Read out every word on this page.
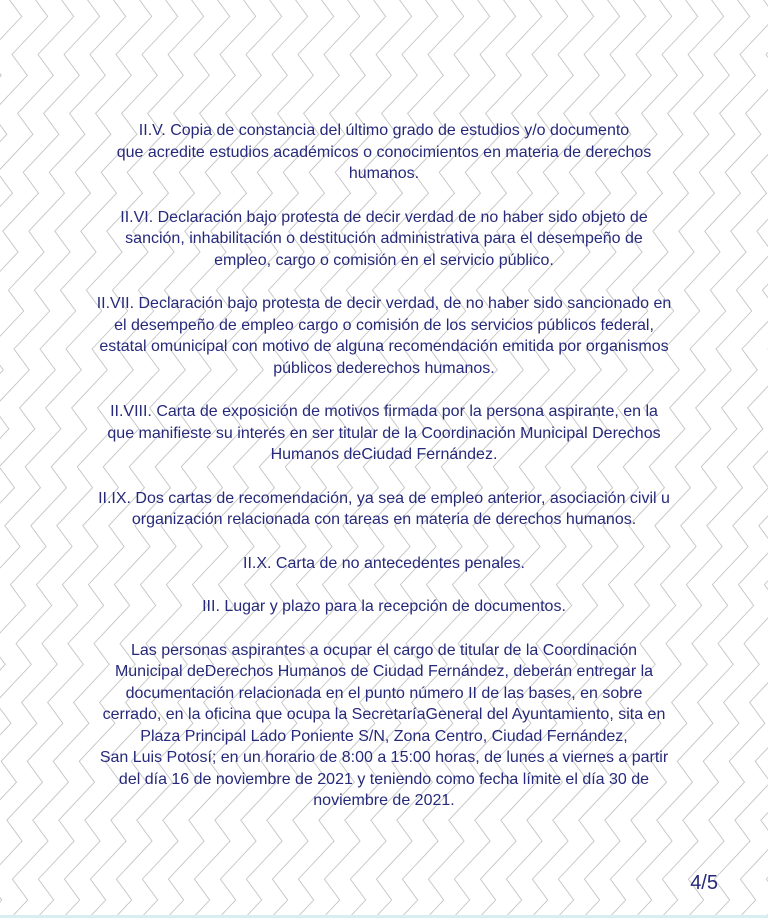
II.V. Copia de constancia del último grado de estudios y/o documento
que acredite estudios académicos o conocimientos en materia de derechos
humanos.

II.VI. Declaración bajo protesta de decir verdad de no haber sido objeto de
sanción, inhabilitación o destitución administrativa para el desempeño de
empleo, cargo o comisión en el servicio público.

II.VII. Declaración bajo protesta de decir verdad, de no haber sido sancionado en
el desempeño de empleo cargo o comisión de los servicios públicos federal,
estatal omunicipal con motivo de alguna recomendación emitida por organismos
públicos dederechos humanos.

II.VIII. Carta de exposición de motivos firmada por la persona aspirante, en la
que manifieste su interés en ser titular de la Coordinación Municipal Derechos
Humanos deCiudad Fernández.

II.IX. Dos cartas de recomendación, ya sea de empleo anterior, asociación civil u
organización relacionada con tareas en materia de derechos humanos.

II.X. Carta de no antecedentes penales.

III. Lugar y plazo para la recepción de documentos.

Las personas aspirantes a ocupar el cargo de titular de la Coordinación
Municipal deDerechos Humanos de Ciudad Fernández, deberán entregar la
documentación relacionada en el punto número II de las bases, en sobre
cerrado, en la oficina que ocupa la SecretaríaGeneral del Ayuntamiento, sita en
Plaza Principal Lado Poniente S/N, Zona Centro, Ciudad Fernández,
San Luis Potosí; en un horario de 8:00 a 15:00 horas, de lunes a viernes a partir
del día 16 de noviembre de 2021 y teniendo como fecha límite el día 30 de
noviembre de 2021.

4/5
